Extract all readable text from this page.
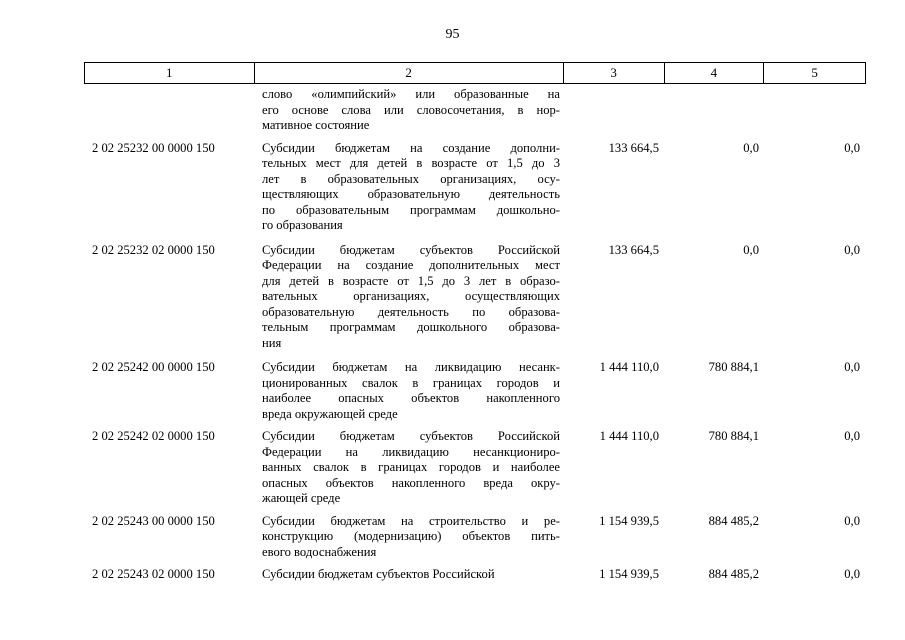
95
1	2	3	4	5
слово «олимпийский» или образованные на
его основе слова или словосочетания, в нор-
мативное состояние
2 02 25232 00 0000 150	Субсидии бюджетам на создание дополни-
тельных мест для детей в возрасте от 1,5 до 3
лет в образовательных организациях, осу-
ществляющих образовательную деятельность
по образовательным программам дошкольно-
го образования
133 664,5	0,0	0,0
2 02 25232 02 0000 150	Субсидии бюджетам субъектов Российской
Федерации на создание дополнительных мест
для детей в возрасте от 1,5 до 3 лет в образо-
вательных организациях, осуществляющих
образовательную деятельность по образова-
тельным программам дошкольного образова-
ния
133 664,5	0,0	0,0
2 02 25242 00 0000 150	Субсидии бюджетам на ликвидацию несанк-
ционированных свалок в границах городов и
наиболее опасных объектов накопленного
вреда окружающей среде
1 444 110,0	780 884,1	0,0
2 02 25242 02 0000 150	Субсидии бюджетам субъектов Российской
Федерации на ликвидацию несанкциониро-
ванных свалок в границах городов и наиболее
опасных объектов накопленного вреда окру-
жающей среде
1 444 110,0	780 884,1	0,0
2 02 25243 00 0000 150	Субсидии бюджетам на строительство и ре-
конструкцию (модернизацию) объектов пить-
евого водоснабжения
1 154 939,5	884 485,2	0,0
2 02 25243 02 0000 150	Субсидии бюджетам субъектов Российской	1 154 939,5	884 485,2	0,0
